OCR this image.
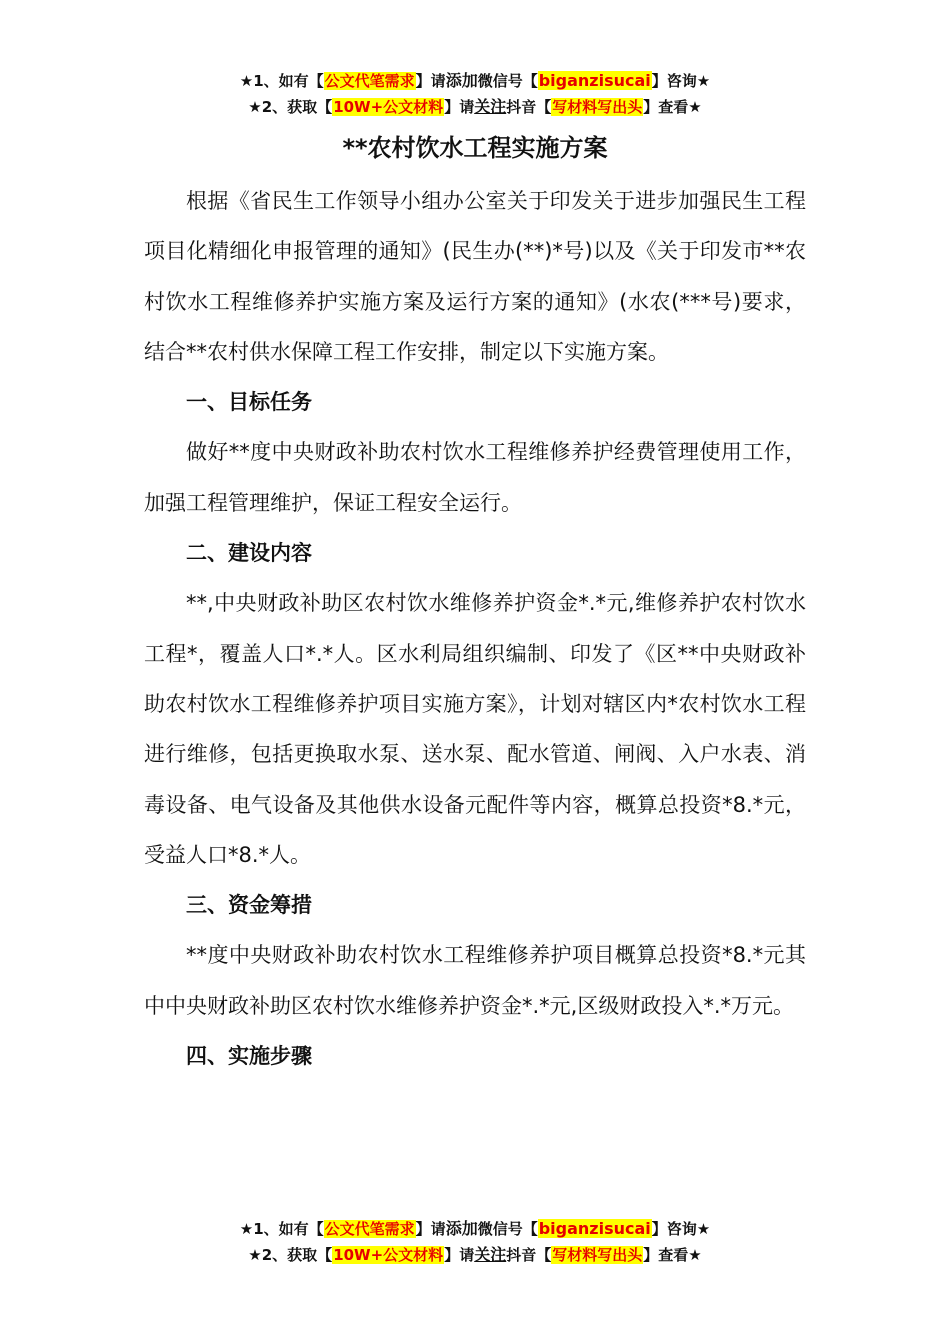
★1、如有【公文代笔需求】请添加微信号【biganzisucai】咨询★
★2、获取【10W+公文材料】请关注抖音【写材料写出头】查看★
**农村饮水工程实施方案

根据《省民生工作领导小组办公室关于印发关于进步加强民生工程项目化精细化申报管理的通知》(民生办(**)*号)以及《关于印发市**农村饮水工程维修养护实施方案及运行方案的通知》(水农(***号)要求，结合**农村供水保障工程工作安排，制定以下实施方案。

一、目标任务

做好**度中央财政补助农村饮水工程维修养护经费管理使用工作，加强工程管理维护，保证工程安全运行。

二、建设内容

**,中央财政补助区农村饮水维修养护资金*.*元,维修养护农村饮水工程*，覆盖人口*.*人。区水利局组织编制、印发了《区**中央财政补助农村饮水工程维修养护项目实施方案》，计划对辖区内*农村饮水工程进行维修，包括更换取水泵、送水泵、配水管道、闸阀、入户水表、消毒设备、电气设备及其他供水设备元配件等内容，概算总投资*8.*元，受益人口*8.*人。

三、资金筹措

**度中央财政补助农村饮水工程维修养护项目概算总投资*8.*元其中中央财政补助区农村饮水维修养护资金*.*元,区级财政投入*.*万元。

四、实施步骤

★1、如有【公文代笔需求】请添加微信号【biganzisucai】咨询★
★2、获取【10W+公文材料】请关注抖音【写材料写出头】查看★
